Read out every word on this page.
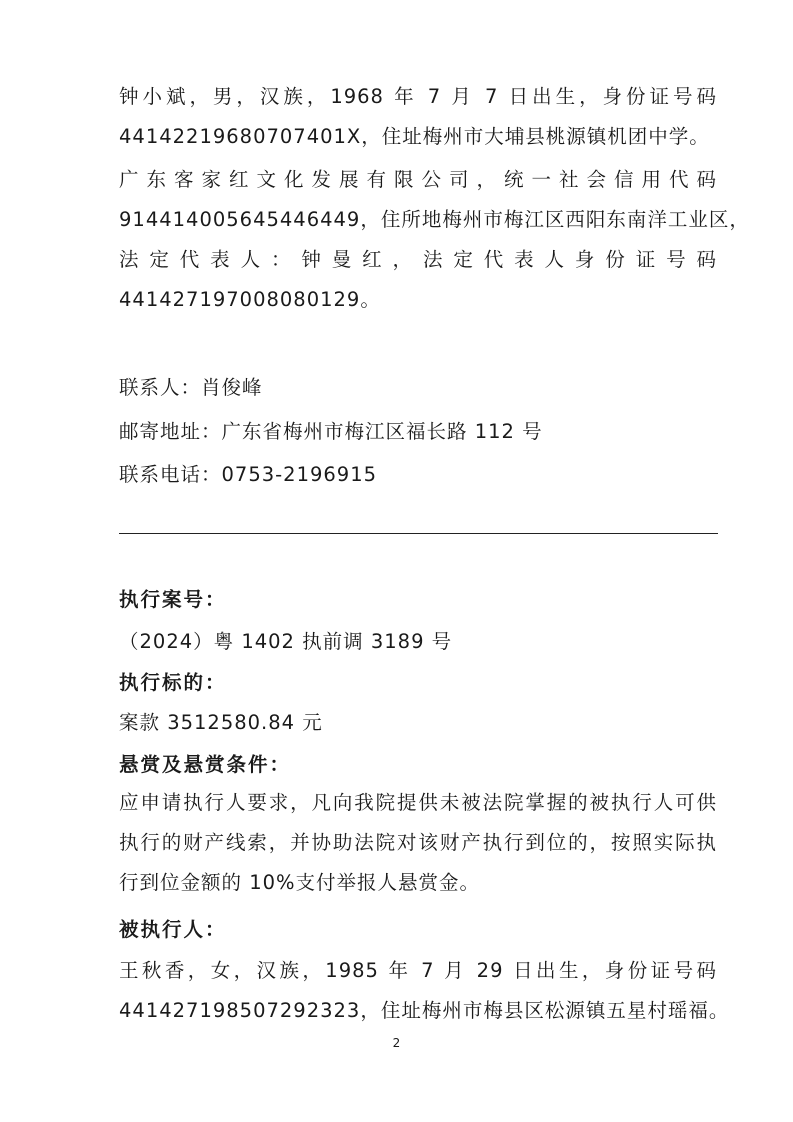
钟小斌，男，汉族，1968 年 7 月 7 日出生，身份证号码
44142219680707401X，住址梅州市大埔县桃源镇机团中学。
广东客家红文化发展有限公司，统一社会信用代码
914414005645446449，住所地梅州市梅江区西阳东南洋工业区，
法定代表人：钟曼红，法定代表人身份证号码
441427197008080129。

联系人：肖俊峰

邮寄地址：广东省梅州市梅江区福长路 112 号

联系电话：0753-2196915

执行案号：

（2024）粤 1402 执前调 3189 号

执行标的：

案款 3512580.84 元

悬赏及悬赏条件：

应申请执行人要求，凡向我院提供未被法院掌握的被执行人可供
执行的财产线索，并协助法院对该财产执行到位的，按照实际执
行到位金额的 10%支付举报人悬赏金。

被执行人：

王秋香，女，汉族，1985 年 7 月 29 日出生，身份证号码
441427198507292323，住址梅州市梅县区松源镇五星村瑶福。
2
